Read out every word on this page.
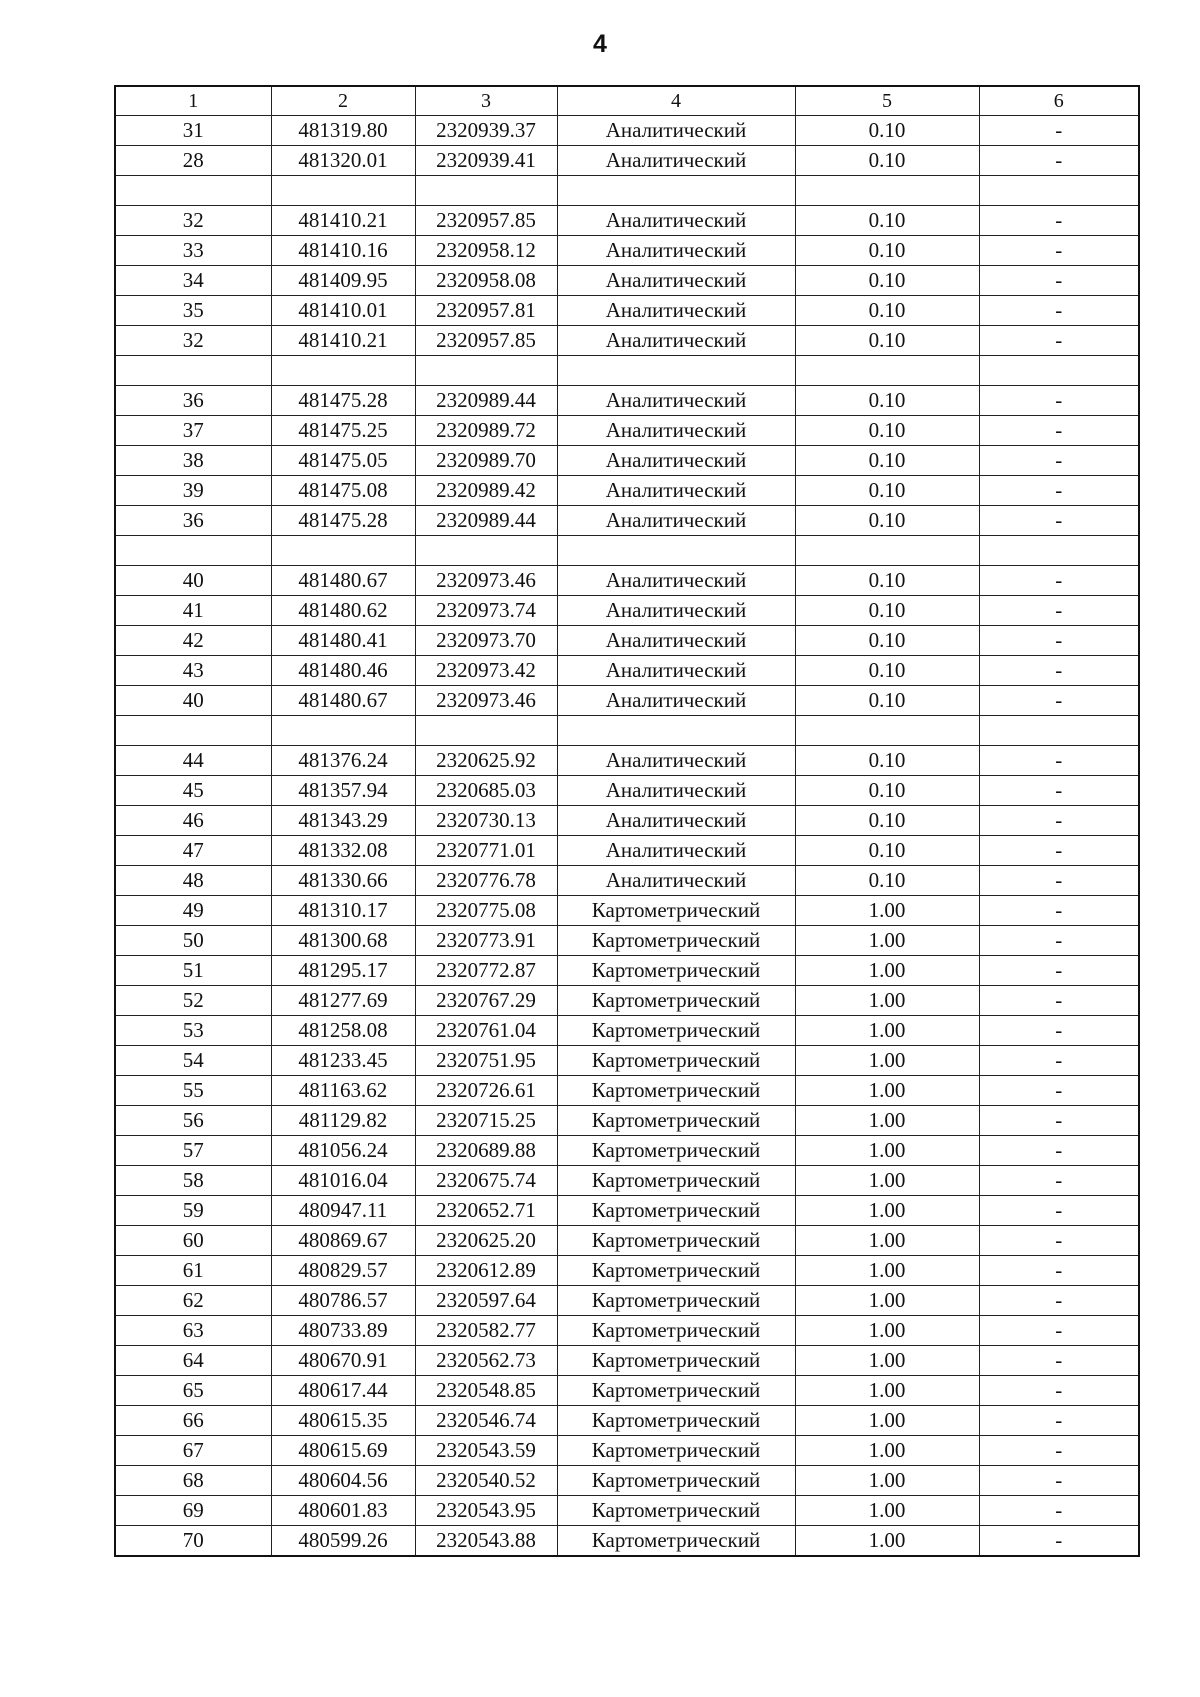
4
1	2	3	4	5	6
31	481319.80	2320939.37	Аналитический	0.10	-
28	481320.01	2320939.41	Аналитический	0.10	-

32	481410.21	2320957.85	Аналитический	0.10	-
33	481410.16	2320958.12	Аналитический	0.10	-
34	481409.95	2320958.08	Аналитический	0.10	-
35	481410.01	2320957.81	Аналитический	0.10	-
32	481410.21	2320957.85	Аналитический	0.10	-

36	481475.28	2320989.44	Аналитический	0.10	-
37	481475.25	2320989.72	Аналитический	0.10	-
38	481475.05	2320989.70	Аналитический	0.10	-
39	481475.08	2320989.42	Аналитический	0.10	-
36	481475.28	2320989.44	Аналитический	0.10	-

40	481480.67	2320973.46	Аналитический	0.10	-
41	481480.62	2320973.74	Аналитический	0.10	-
42	481480.41	2320973.70	Аналитический	0.10	-
43	481480.46	2320973.42	Аналитический	0.10	-
40	481480.67	2320973.46	Аналитический	0.10	-

44	481376.24	2320625.92	Аналитический	0.10	-
45	481357.94	2320685.03	Аналитический	0.10	-
46	481343.29	2320730.13	Аналитический	0.10	-
47	481332.08	2320771.01	Аналитический	0.10	-
48	481330.66	2320776.78	Аналитический	0.10	-
49	481310.17	2320775.08	Картометрический	1.00	-
50	481300.68	2320773.91	Картометрический	1.00	-
51	481295.17	2320772.87	Картометрический	1.00	-
52	481277.69	2320767.29	Картометрический	1.00	-
53	481258.08	2320761.04	Картометрический	1.00	-
54	481233.45	2320751.95	Картометрический	1.00	-
55	481163.62	2320726.61	Картометрический	1.00	-
56	481129.82	2320715.25	Картометрический	1.00	-
57	481056.24	2320689.88	Картометрический	1.00	-
58	481016.04	2320675.74	Картометрический	1.00	-
59	480947.11	2320652.71	Картометрический	1.00	-
60	480869.67	2320625.20	Картометрический	1.00	-
61	480829.57	2320612.89	Картометрический	1.00	-
62	480786.57	2320597.64	Картометрический	1.00	-
63	480733.89	2320582.77	Картометрический	1.00	-
64	480670.91	2320562.73	Картометрический	1.00	-
65	480617.44	2320548.85	Картометрический	1.00	-
66	480615.35	2320546.74	Картометрический	1.00	-
67	480615.69	2320543.59	Картометрический	1.00	-
68	480604.56	2320540.52	Картометрический	1.00	-
69	480601.83	2320543.95	Картометрический	1.00	-
70	480599.26	2320543.88	Картометрический	1.00	-
